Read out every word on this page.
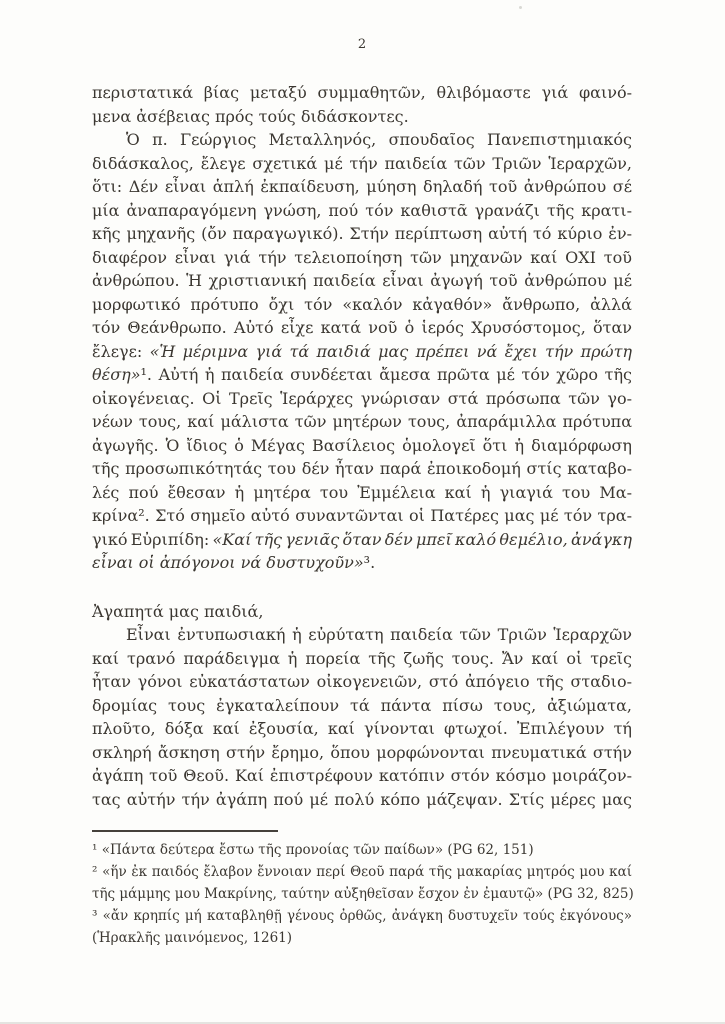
2
περιστατικά βίας μεταξύ συμμαθητῶν, θλιβόμαστε γιά φαινό-
μενα ἀσέβειας πρός τούς διδάσκοντες.
Ὁ π. Γεώργιος Μεταλληνός, σπουδαῖος Πανεπιστημιακός
διδάσκαλος, ἔλεγε σχετικά μέ τήν παιδεία τῶν Τριῶν Ἱεραρχῶν,
ὅτι: Δέν εἶναι ἁπλή ἐκπαίδευση, μύηση δηλαδή τοῦ ἀνθρώπου σέ
μία ἀναπαραγόμενη γνώση, πού τόν καθιστᾶ γρανάζι τῆς κρατι-
κῆς μηχανῆς (ὄν παραγωγικό). Στήν περίπτωση αὐτή τό κύριο ἐν-
διαφέρον εἶναι γιά τήν τελειοποίηση τῶν μηχανῶν καί ΟΧΙ τοῦ
ἀνθρώπου. Ἡ χριστιανική παιδεία εἶναι ἀγωγή τοῦ ἀνθρώπου μέ
μορφωτικό πρότυπο ὄχι τόν «καλόν κἀγαθόν» ἄνθρωπο, ἀλλά
τόν Θεάνθρωπο. Αὐτό εἶχε κατά νοῦ ὁ ἱερός Χρυσόστομος, ὅταν
ἔλεγε: «Ἡ μέριμνα γιά τά παιδιά μας πρέπει νά ἔχει τήν πρώτη
θέση»¹. Αὐτή ἡ παιδεία συνδέεται ἄμεσα πρῶτα μέ τόν χῶρο τῆς
οἰκογένειας. Οἱ Τρεῖς Ἱεράρχες γνώρισαν στά πρόσωπα τῶν γο-
νέων τους, καί μάλιστα τῶν μητέρων τους, ἀπαράμιλλα πρότυπα
ἀγωγῆς. Ὁ ἴδιος ὁ Μέγας Βασίλειος ὁμολογεῖ ὅτι ἡ διαμόρφωση
τῆς προσωπικότητάς του δέν ἦταν παρά ἐποικοδομή στίς καταβο-
λές πού ἔθεσαν ἡ μητέρα του Ἐμμέλεια καί ἡ γιαγιά του Μα-
κρίνα². Στό σημεῖο αὐτό συναντῶνται οἱ Πατέρες μας μέ τόν τρα-
γικό Εὐριπίδη: «Καί τῆς γενιᾶς ὅταν δέν μπεῖ καλό θεμέλιο, ἀνάγκη
εἶναι οἱ ἀπόγονοι νά δυστυχοῦν»³.
Ἀγαπητά μας παιδιά,
Εἶναι ἐντυπωσιακή ἡ εὐρύτατη παιδεία τῶν Τριῶν Ἱεραρχῶν
καί τρανό παράδειγμα ἡ πορεία τῆς ζωῆς τους. Ἄν καί οἱ τρεῖς
ἦταν γόνοι εὐκατάστατων οἰκογενειῶν, στό ἀπόγειο τῆς σταδιο-
δρομίας τους ἐγκαταλείπουν τά πάντα πίσω τους, ἀξιώματα,
πλοῦτο, δόξα καί ἐξουσία, καί γίνονται φτωχοί. Ἐπιλέγουν τή
σκληρή ἄσκηση στήν ἔρημο, ὅπου μορφώνονται πνευματικά στήν
ἀγάπη τοῦ Θεοῦ. Καί ἐπιστρέφουν κατόπιν στόν κόσμο μοιράζον-
τας αὐτήν τήν ἀγάπη πού μέ πολύ κόπο μάζεψαν. Στίς μέρες μας
¹ «Πάντα δεύτερα ἔστω τῆς προνοίας τῶν παίδων» (PG 62, 151)
² «ἥν ἐκ παιδός ἔλαβον ἔννοιαν περί Θεοῦ παρά τῆς μακαρίας μητρός μου καί
τῆς μάμμης μου Μακρίνης, ταύτην αὐξηθεῖσαν ἔσχον ἐν ἐμαυτῷ» (PG 32, 825)
³ «ἄν κρηπίς μή καταβληθῇ γένους ὀρθῶς, ἀνάγκη δυστυχεῖν τούς ἐκγόνους»
(Ἡρακλῆς μαινόμενος, 1261)
